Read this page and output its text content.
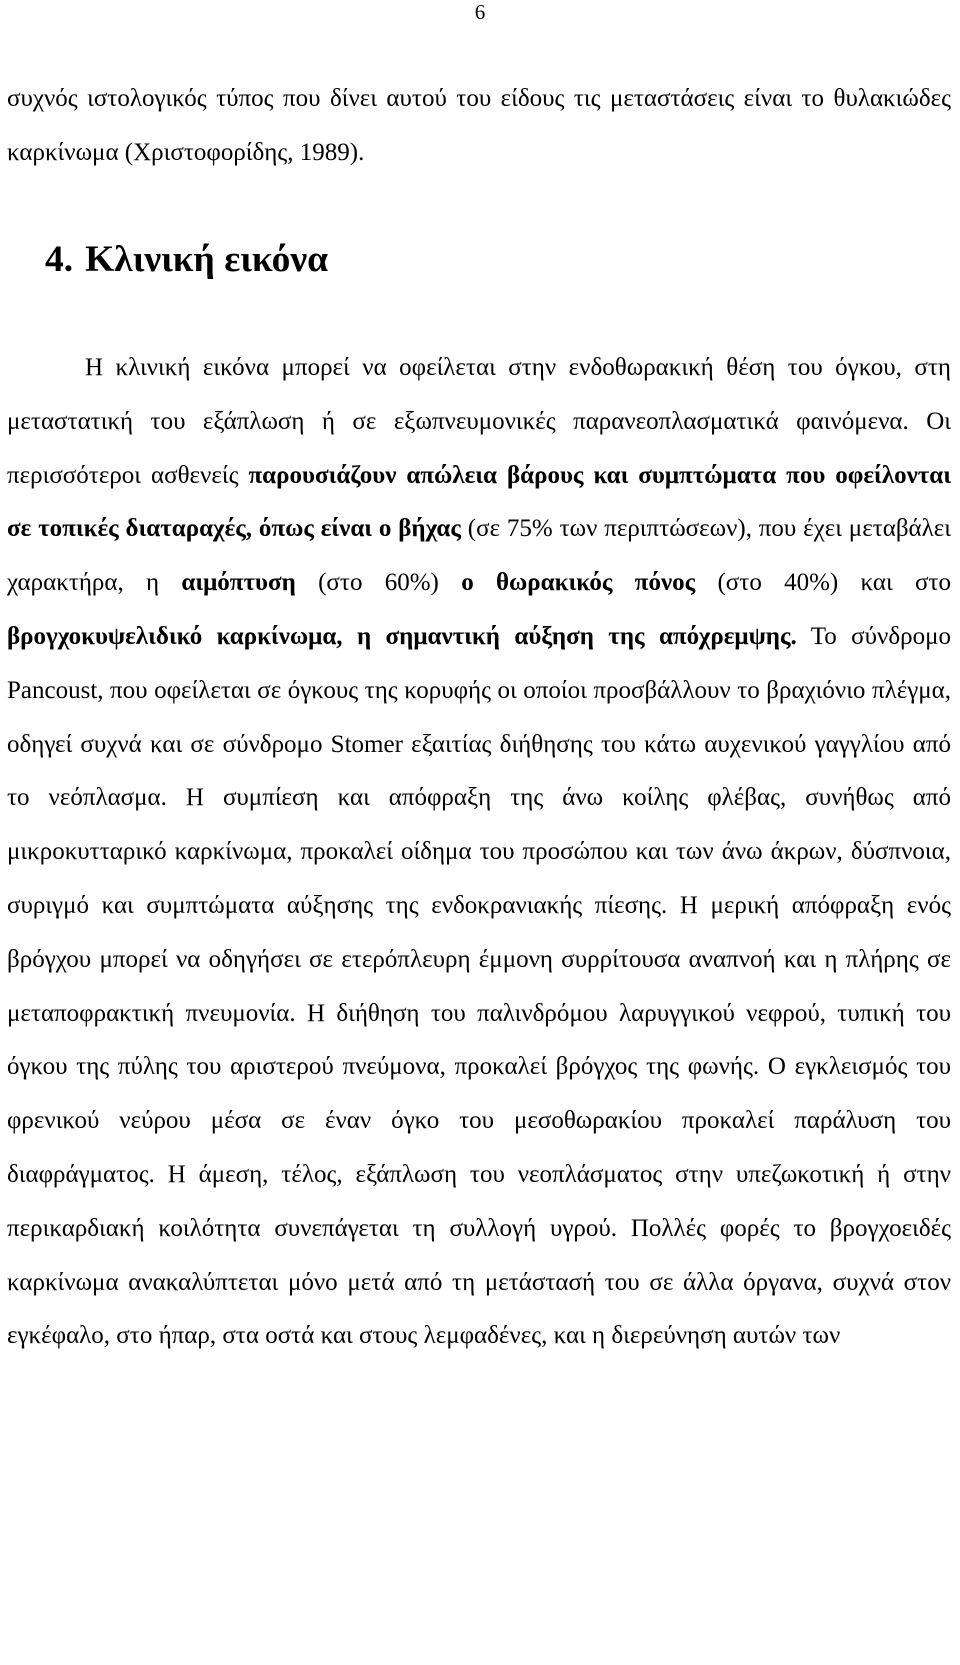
6

συχνός ιστολογικός τύπος που δίνει αυτού του είδους τις μεταστάσεις είναι το θυλακιώδες καρκίνωμα (Χριστοφορίδης, 1989).

4. Κλινική εικόνα

Η κλινική εικόνα μπορεί να οφείλεται στην ενδοθωρακική θέση του όγκου, στη μεταστατική του εξάπλωση ή σε εξωπνευμονικές παρανεοπλασματικά φαινόμενα. Οι περισσότεροι ασθενείς παρουσιάζουν απώλεια βάρους και συμπτώματα που οφείλονται σε τοπικές διαταραχές, όπως είναι ο βήχας (σε 75% των περιπτώσεων), που έχει μεταβάλει χαρακτήρα, η αιμόπτυση (στο 60%) ο θωρακικός πόνος (στο 40%) και στο βρογχοκυψελιδικό καρκίνωμα, η σημαντική αύξηση της απόχρεμψης. Το σύνδρομο Pancoust, που οφείλεται σε όγκους της κορυφής οι οποίοι προσβάλλουν το βραχιόνιο πλέγμα, οδηγεί συχνά και σε σύνδρομο Stomer εξαιτίας διήθησης του κάτω αυχενικού γαγγλίου από το νεόπλασμα. Η συμπίεση και απόφραξη της άνω κοίλης φλέβας, συνήθως από μικροκυτταρικό καρκίνωμα, προκαλεί οίδημα του προσώπου και των άνω άκρων, δύσπνοια, συριγμό και συμπτώματα αύξησης της ενδοκρανιακής πίεσης. Η μερική απόφραξη ενός βρόγχου μπορεί να οδηγήσει σε ετερόπλευρη έμμονη συρρίτουσα αναπνοή και η πλήρης σε μεταποφρακτική πνευμονία. Η διήθηση του παλινδρόμου λαρυγγικού νεφρού, τυπική του όγκου της πύλης του αριστερού πνεύμονα, προκαλεί βρόγχος της φωνής. Ο εγκλεισμός του φρενικού νεύρου μέσα σε έναν όγκο του μεσοθωρακίου προκαλεί παράλυση του διαφράγματος. Η άμεση, τέλος, εξάπλωση του νεοπλάσματος στην υπεζωκοτική ή στην περικαρδιακή κοιλότητα συνεπάγεται τη συλλογή υγρού. Πολλές φορές το βρογχοειδές καρκίνωμα ανακαλύπτεται μόνο μετά από τη μετάστασή του σε άλλα όργανα, συχνά στον εγκέφαλο, στο ήπαρ, στα οστά και στους λεμφαδένες, και η διερεύνηση αυτών των
